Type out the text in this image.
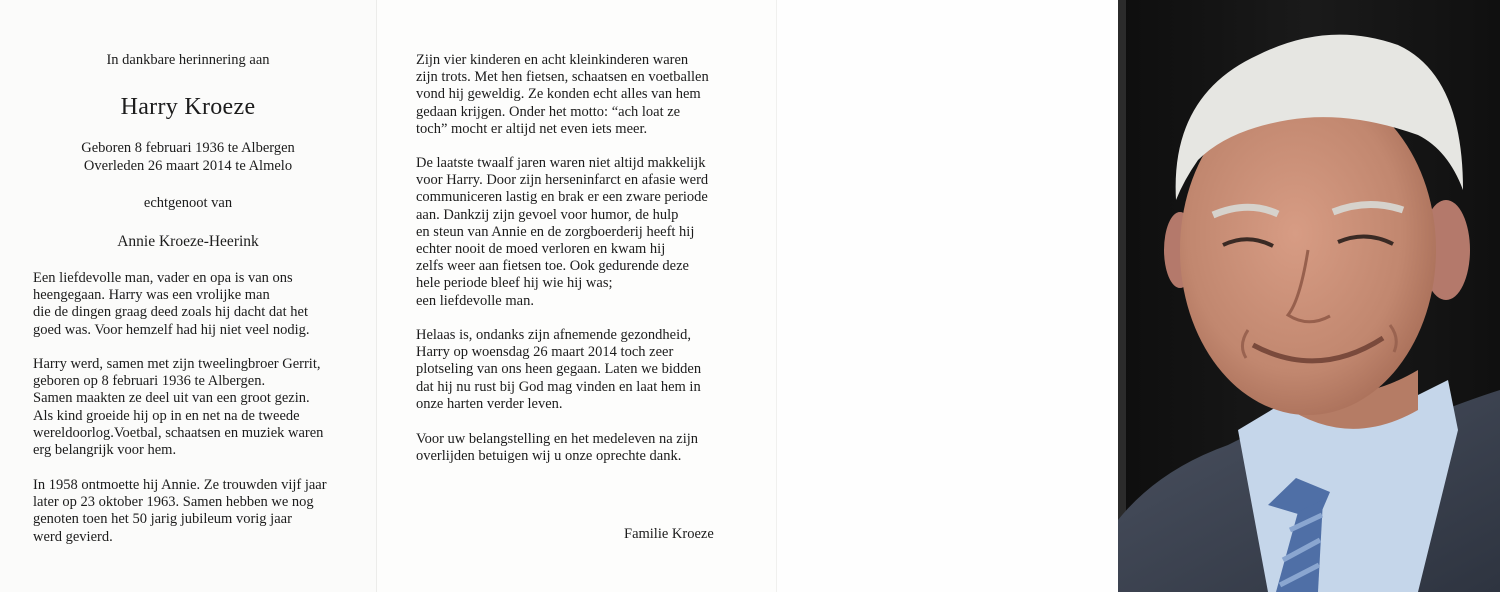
In dankbare herinnering aan
Harry Kroeze
Geboren 8 februari 1936 te Albergen
Overleden 26 maart 2014 te Almelo
echtgenoot van
Annie Kroeze-Heerink
Een liefdevolle man, vader en opa is van ons
heengegaan. Harry was een vrolijke man
die de dingen graag deed zoals hij dacht dat het
goed was. Voor hemzelf had hij niet veel nodig.
Harry werd, samen met zijn tweelingbroer Gerrit,
geboren op 8 februari 1936 te Albergen.
Samen maakten ze deel uit van een groot gezin.
Als kind groeide hij op in en net na de tweede
wereldoorlog.Voetbal, schaatsen en muziek waren
erg belangrijk voor hem.
In 1958 ontmoette hij Annie. Ze trouwden vijf jaar
later op 23 oktober 1963. Samen hebben we nog
genoten toen het 50 jarig jubileum vorig jaar
werd gevierd.
Zijn vier kinderen en acht kleinkinderen waren
zijn trots. Met hen fietsen, schaatsen en voetballen
vond hij geweldig. Ze konden echt alles van hem
gedaan krijgen. Onder het motto: “ach loat ze
toch” mocht er altijd net even iets meer.
De laatste twaalf jaren waren niet altijd makkelijk
voor Harry. Door zijn herseninfarct en afasie werd
communiceren lastig en brak er een zware periode
aan. Dankzij zijn gevoel voor humor, de hulp
en steun van Annie en de zorgboerderij heeft hij
echter nooit de moed verloren en kwam hij
zelfs weer aan fietsen toe. Ook gedurende deze
hele periode bleef hij wie hij was;
een liefdevolle man.
Helaas is, ondanks zijn afnemende gezondheid,
Harry op woensdag 26 maart 2014 toch zeer
plotseling van ons heen gegaan. Laten we bidden
dat hij nu rust bij God mag vinden en laat hem in
onze harten verder leven.
Voor uw belangstelling en het medeleven na zijn
overlijden betuigen wij u onze oprechte dank.
Familie Kroeze
